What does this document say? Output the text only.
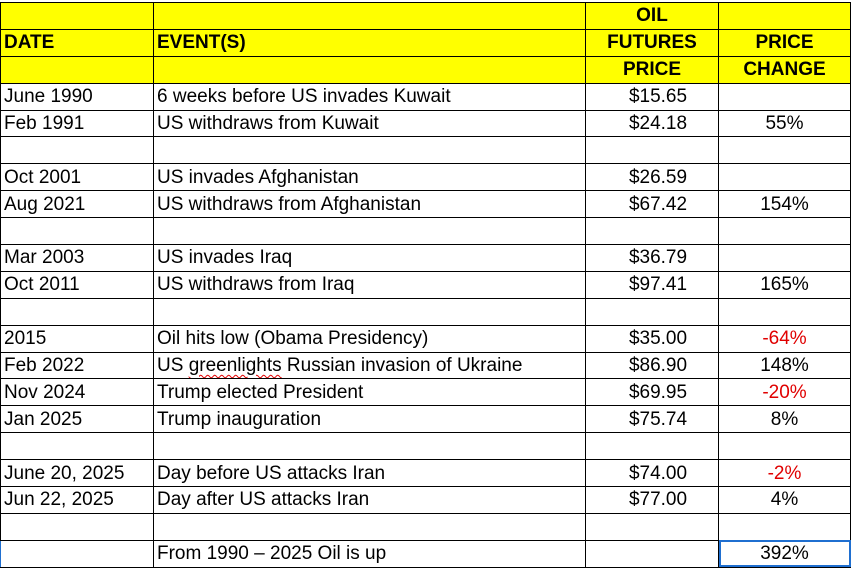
		OIL	
DATE	EVENT(S)	FUTURES	PRICE
		PRICE	CHANGE
June 1990	6 weeks before US invades Kuwait	$15.65	
Feb 1991	US withdraws from Kuwait	$24.18	55%

Oct 2001	US invades Afghanistan	$26.59	
Aug 2021	US withdraws from Afghanistan	$67.42	154%

Mar 2003	US invades Iraq	$36.79	
Oct 2011	US withdraws from Iraq	$97.41	165%

2015	Oil hits low (Obama Presidency)	$35.00	-64%
Feb 2022	US greenlights Russian invasion of Ukraine	$86.90	148%
Nov 2024	Trump elected President	$69.95	-20%
Jan 2025	Trump inauguration	$75.74	8%

June 20, 2025	Day before US attacks Iran	$74.00	-2%
Jun 22, 2025	Day after US attacks Iran	$77.00	4%

	From 1990 – 2025 Oil is up		392%
